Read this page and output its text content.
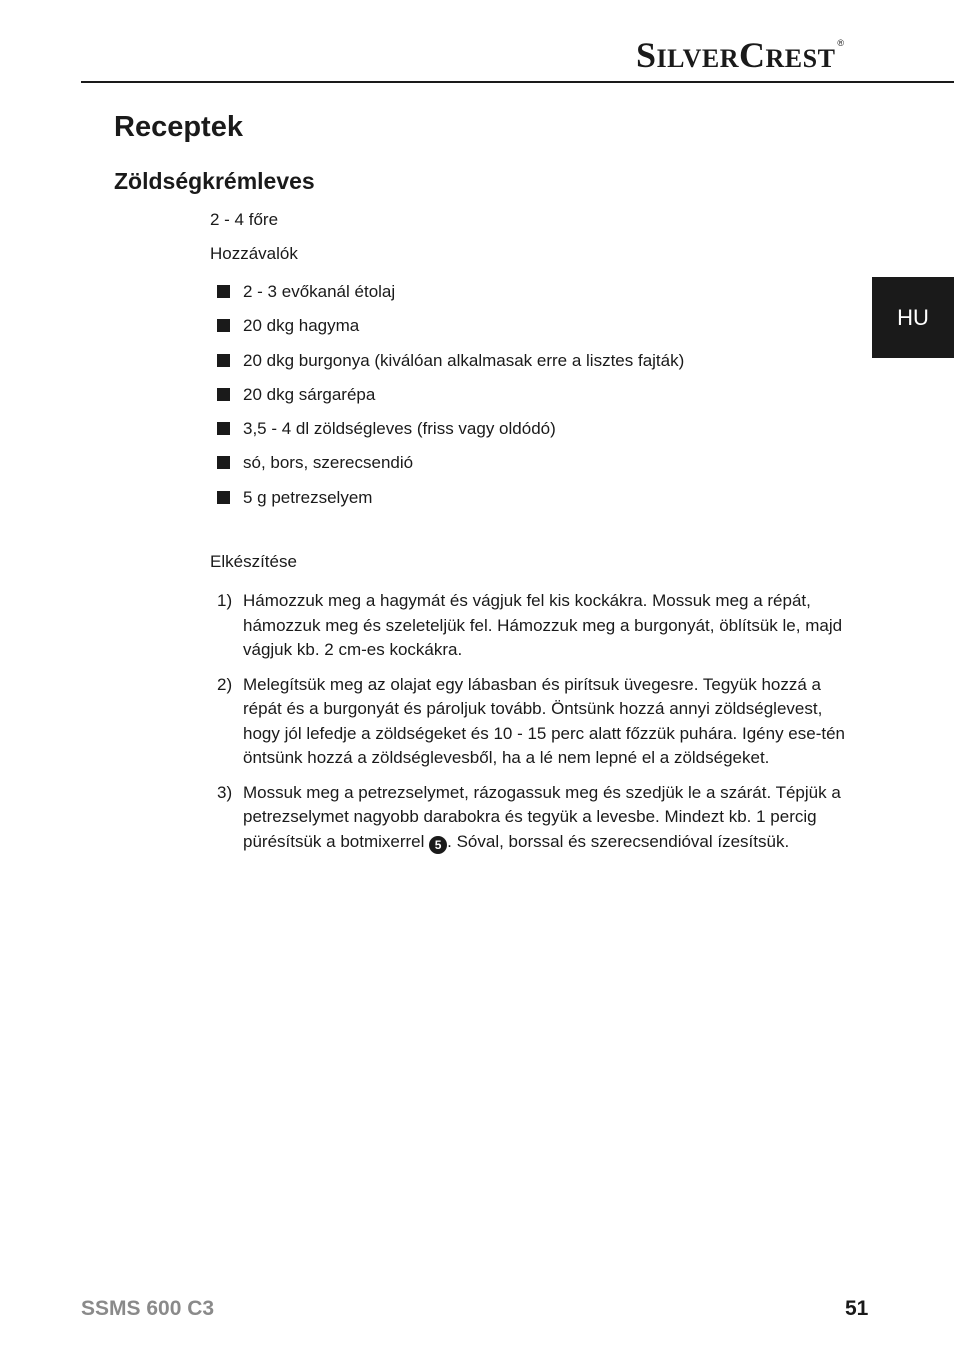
SILVERCREST®
HU
Receptek
Zöldségkrémleves
2 - 4 főre
Hozzávalók
2 - 3 evőkanál étolaj
20 dkg hagyma
20 dkg burgonya (kiválóan alkalmasak erre a lisztes fajták)
20 dkg sárgarépa
3,5 - 4 dl zöldségleves (friss vagy oldódó)
só, bors, szerecsendió
5 g petrezselyem
Elkészítése
1) Hámozzuk meg a hagymát és vágjuk fel kis kockákra. Mossuk meg a répát, hámozzuk meg és szeleteljük fel. Hámozzuk meg a burgonyát, öblítsük le, majd vágjuk kb. 2 cm-es kockákra.
2) Melegítsük meg az olajat egy lábasban és pirítsuk üvegesre. Tegyük hozzá a répát és a burgonyát és pároljuk tovább. Öntsünk hozzá annyi zöldséglevest, hogy jól lefedje a zöldségeket és 10 - 15 perc alatt főzzük puhára. Igény ese-tén öntsünk hozzá a zöldséglevesből, ha a lé nem lepné el a zöldségeket.
3) Mossuk meg a petrezselymet, rázogassuk meg és szedjük le a szárát. Tépjük a petrezselymet nagyobb darabokra és tegyük a levesbe. Mindezt kb. 1 percig pürésítsük a botmixerrel 5 . Sóval, borssal és szerecsendióval ízesítsük.
SSMS 600 C3	51
